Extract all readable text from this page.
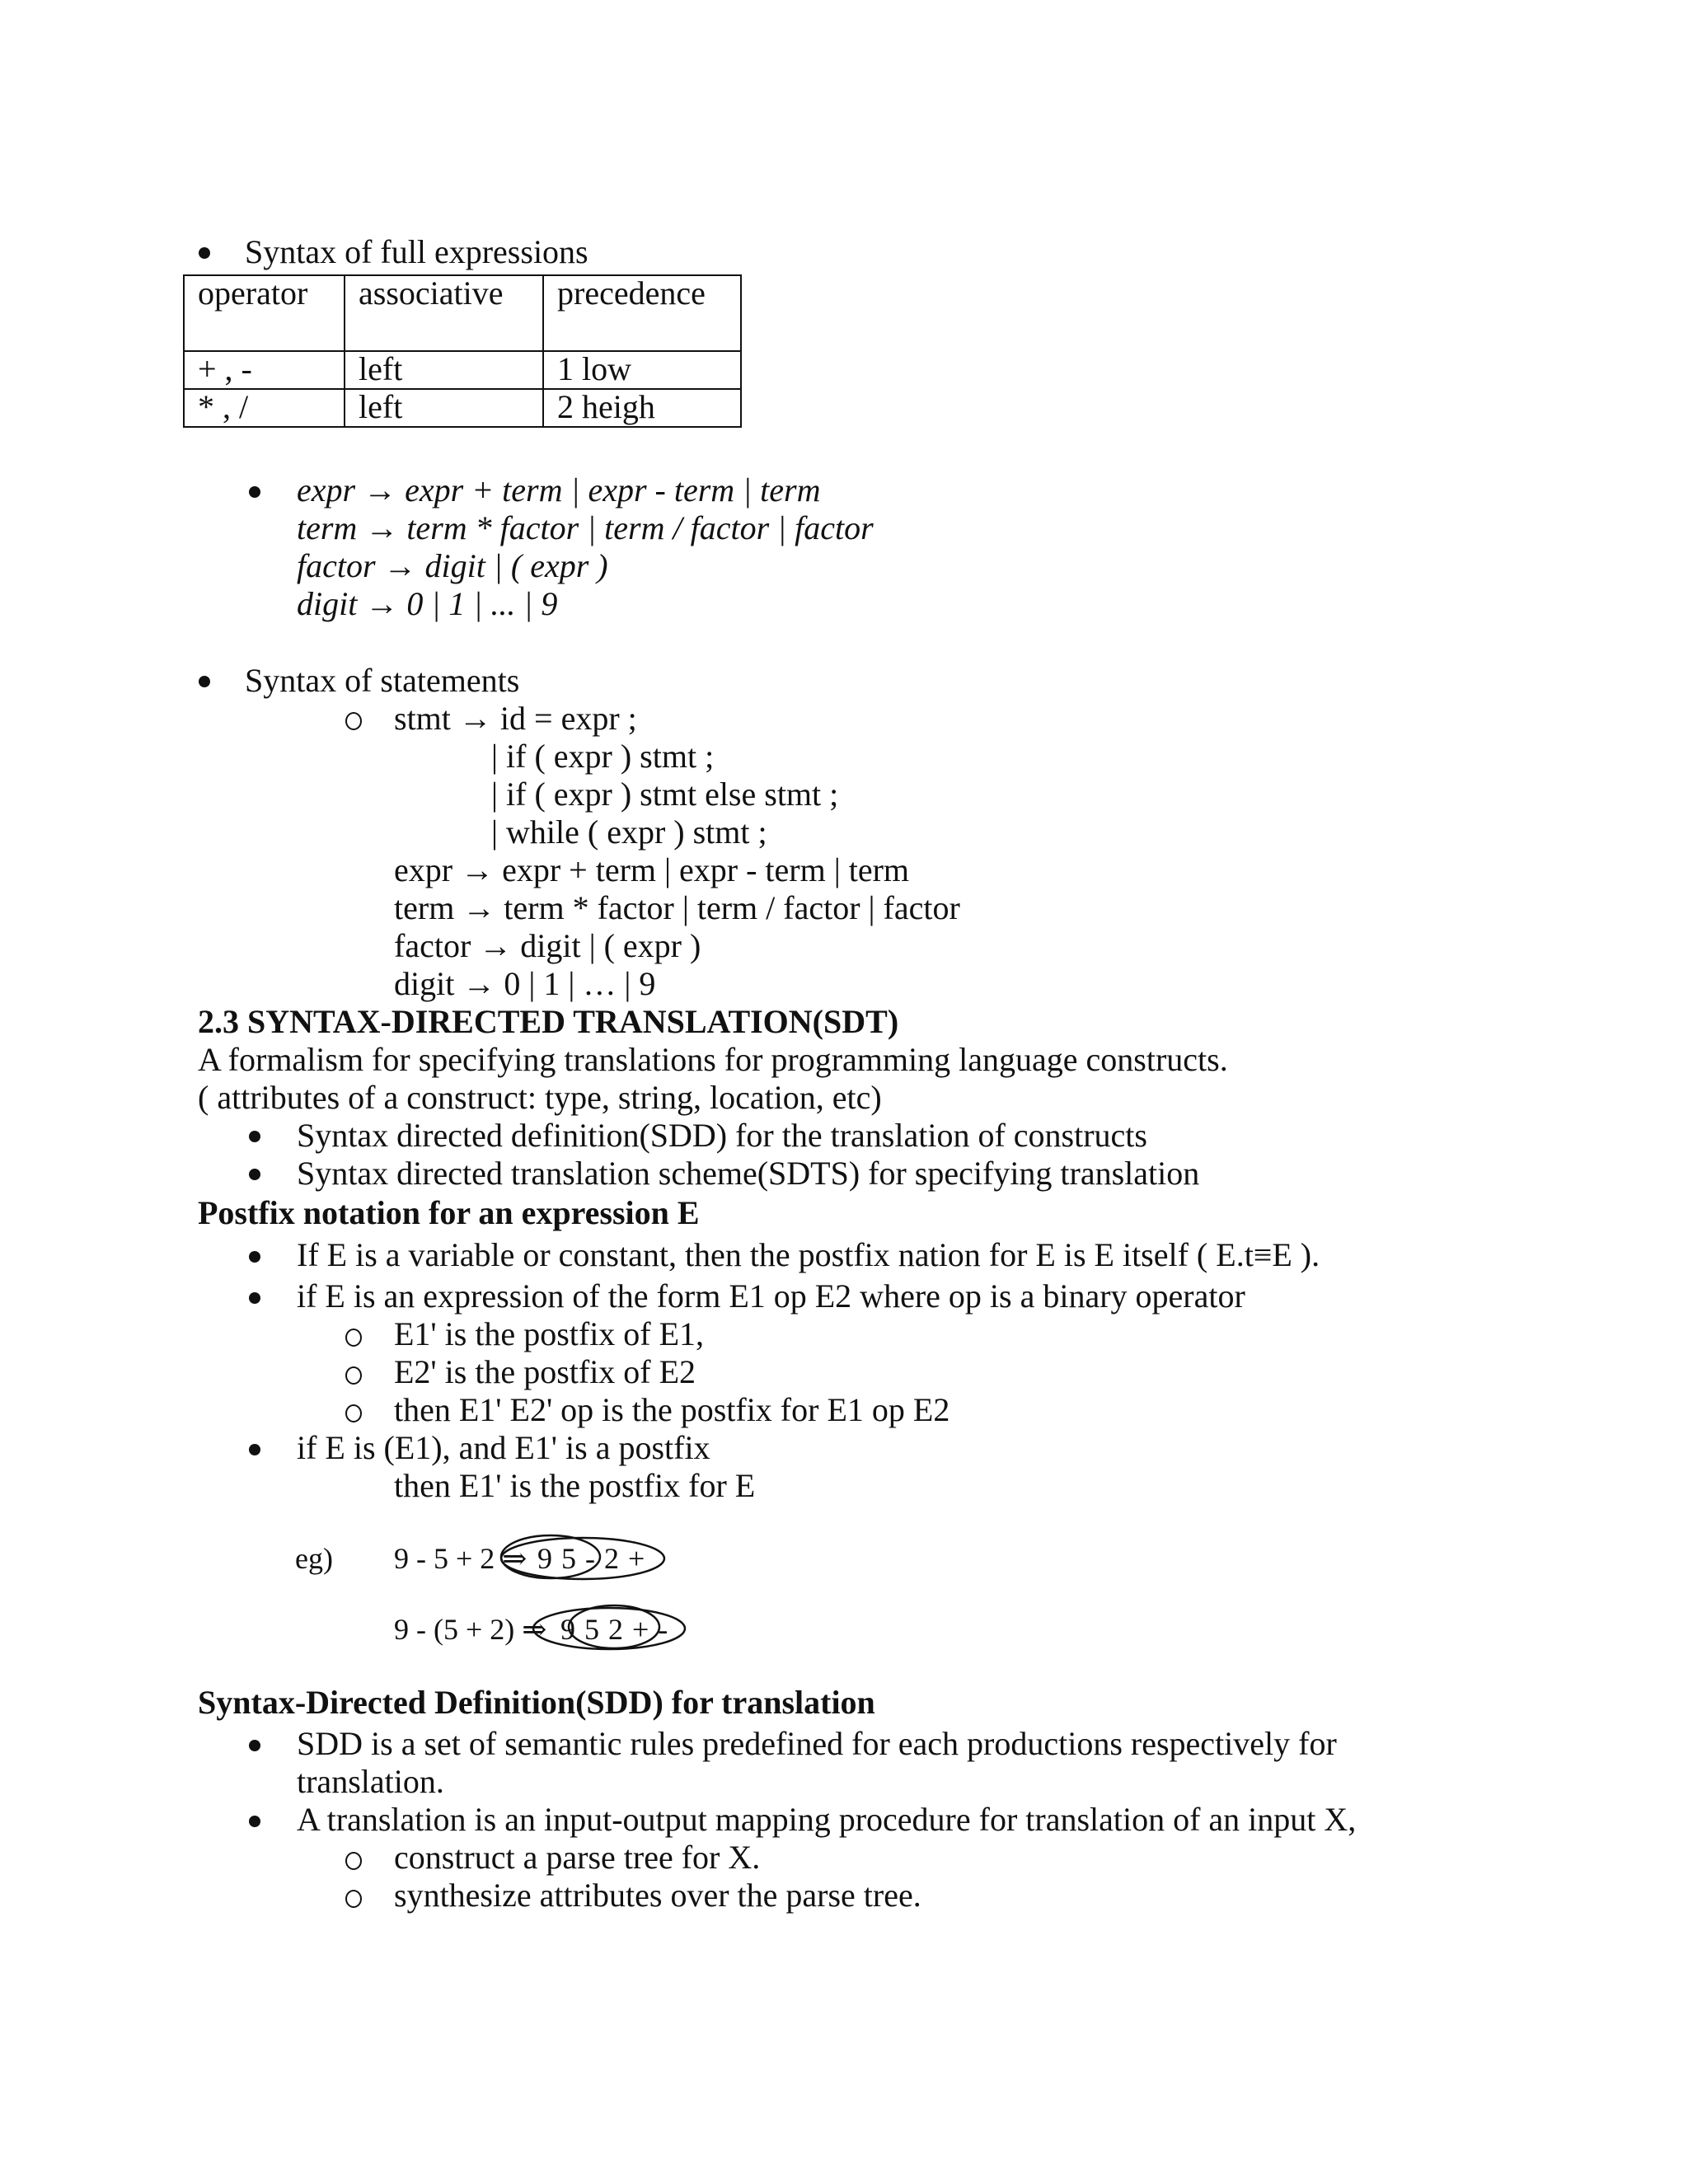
Syntax of full expressions
operator	associative	precedence
+ , -	left	1 low
* , /	left	2 heigh
expr → expr + term | expr - term | term
term → term * factor | term / factor | factor
factor → digit | ( expr )
digit → 0 | 1 | ... | 9
Syntax of statements
stmt → id = expr ;
| if ( expr ) stmt ;
| if ( expr ) stmt else stmt ;
| while ( expr ) stmt ;
expr → expr + term | expr - term | term
term → term * factor | term / factor | factor
factor → digit | ( expr )
digit → 0 | 1 | … | 9
2.3 SYNTAX-DIRECTED TRANSLATION(SDT)
A formalism for specifying translations for programming language constructs.
( attributes of a construct: type, string, location, etc)
Syntax directed definition(SDD) for the translation of constructs
Syntax directed translation scheme(SDTS) for specifying translation
Postfix notation for an expression E
If E is a variable or constant, then the postfix nation for E is E itself ( E.t≡E ).
if E is an expression of the form E1 op E2 where op is a binary operator
E1' is the postfix of E1,
E2' is the postfix of E2
then E1' E2' op is the postfix for E1 op E2
if E is (E1), and E1' is a postfix
then E1' is the postfix for E
eg) 9 - 5 + 2 ⇒ 9 5 - 2 +
9 - (5 + 2) ⇒ 9 5 2 + -
Syntax-Directed Definition(SDD) for translation
SDD is a set of semantic rules predefined for each productions respectively for
translation.
A translation is an input-output mapping procedure for translation of an input X,
construct a parse tree for X.
synthesize attributes over the parse tree.
